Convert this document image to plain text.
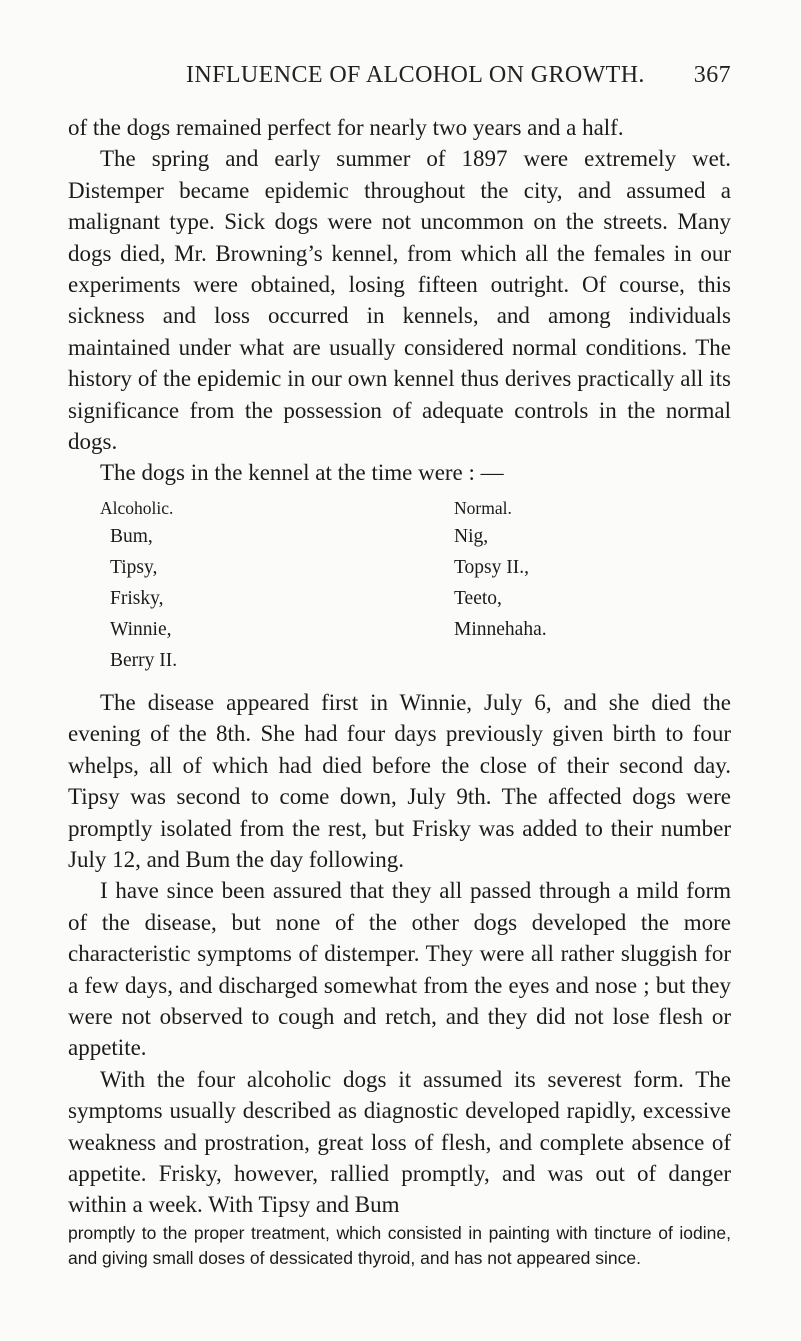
INFLUENCE OF ALCOHOL ON GROWTH. 367

of the dogs remained perfect for nearly two years and a half.

The spring and early summer of 1897 were extremely wet. Distemper became epidemic throughout the city, and assumed a malignant type. Sick dogs were not uncommon on the streets. Many dogs died, Mr. Browning’s kennel, from which all the females in our experiments were obtained, losing fifteen outright. Of course, this sickness and loss occurred in kennels, and among individuals maintained under what are usually considered normal conditions. The history of the epidemic in our own kennel thus derives practically all its significance from the possession of adequate controls in the normal dogs.

The dogs in the kennel at the time were : —

Alcoholic.
Bum,
Tipsy,
Frisky,
Winnie,
Berry II.
Normal.
Nig,
Topsy II.,
Teeto,
Minnehaha.

The disease appeared first in Winnie, July 6, and she died the evening of the 8th. She had four days previously given birth to four whelps, all of which had died before the close of their second day. Tipsy was second to come down, July 9th. The affected dogs were promptly isolated from the rest, but Frisky was added to their number July 12, and Bum the day following.

I have since been assured that they all passed through a mild form of the disease, but none of the other dogs developed the more characteristic symptoms of distemper. They were all rather sluggish for a few days, and discharged somewhat from the eyes and nose ; but they were not observed to cough and retch, and they did not lose flesh or appetite.

With the four alcoholic dogs it assumed its severest form. The symptoms usually described as diagnostic developed rapidly, excessive weakness and prostration, great loss of flesh, and complete absence of appetite. Frisky, however, rallied promptly, and was out of danger within a week. With Tipsy and Bum

promptly to the proper treatment, which consisted in painting with tincture of iodine, and giving small doses of dessicated thyroid, and has not appeared since.
